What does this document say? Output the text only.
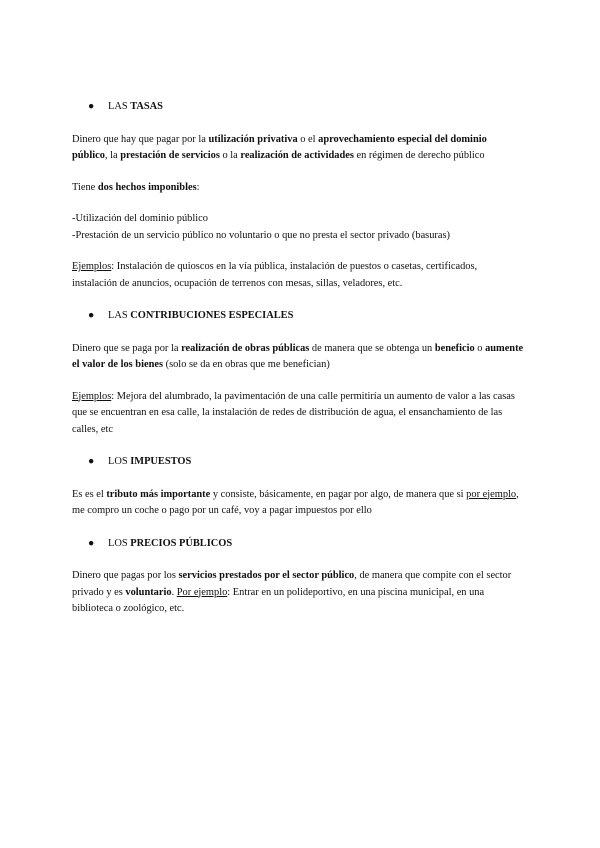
● LAS TASAS

Dinero que hay que pagar por la utilización privativa o el aprovechamiento especial del dominio público, la prestación de servicios o la realización de actividades en régimen de derecho público

Tiene dos hechos imponibles:

-Utilización del dominio público
-Prestación de un servicio público no voluntario o que no presta el sector privado (basuras)

Ejemplos: Instalación de quioscos en la vía pública, instalación de puestos o casetas, certificados, instalación de anuncios, ocupación de terrenos con mesas, sillas, veladores, etc.

● LAS CONTRIBUCIONES ESPECIALES

Dinero que se paga por la realización de obras públicas de manera que se obtenga un beneficio o aumente el valor de los bienes (solo se da en obras que me benefician)

Ejemplos: Mejora del alumbrado, la pavimentación de una calle permitiría un aumento de valor a las casas que se encuentran en esa calle, la instalación de redes de distribución de agua, el ensanchamiento de las calles, etc

● LOS IMPUESTOS

Es es el tributo más importante y consiste, básicamente, en pagar por algo, de manera que si por ejemplo, me compro un coche o pago por un café, voy a pagar impuestos por ello

● LOS PRECIOS PÚBLICOS

Dinero que pagas por los servicios prestados por el sector público, de manera que compite con el sector privado y es voluntario. Por ejemplo: Entrar en un polideportivo, en una piscina municipal, en una biblioteca o zoológico, etc.
